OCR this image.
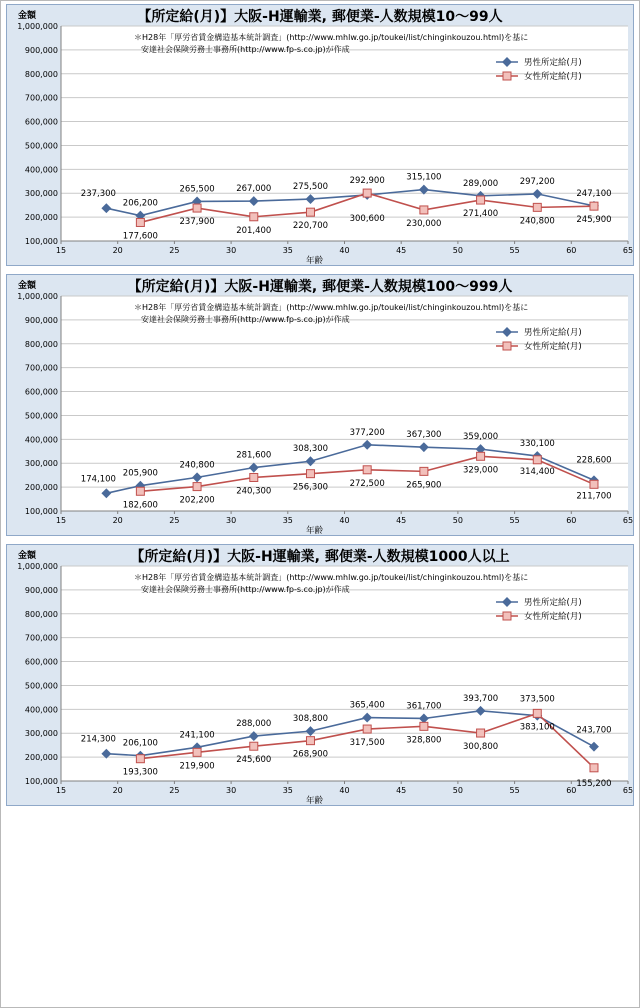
100,000
200,000
300,000
400,000
500,000
600,000
700,000
800,000
900,000
1,000,000
15	20	25	30	35	40	45	50	55	60	65
【所定給(月)】大阪-H運輸業, 郵便業-人数規模10～99人
金額
年齢
＊H28年「厚労省賃金構造基本統計調査」(http://www.mhlw.go.jp/toukei/list/chinginkouzou.html)を基に
安達社会保険労務士事務所(http://www.fp-s.co.jp)が作成
男性所定給(月)
女性所定給(月)
237,300
206,200
265,500	267,000	275,500
292,900	315,100
289,000	297,200
247,100
177,600
237,900
201,400	220,700
300,600	230,000
271,400
240,800	245,900
100,000
200,000
300,000
400,000
500,000
600,000
700,000
800,000
900,000
1,000,000
15	20	25	30	35	40	45	50	55	60	65
【所定給(月)】大阪-H運輸業, 郵便業-人数規模100～999人
金額
年齢
＊H28年「厚労省賃金構造基本統計調査」(http://www.mhlw.go.jp/toukei/list/chinginkouzou.html)を基に
安達社会保険労務士事務所(http://www.fp-s.co.jp)が作成
男性所定給(月)
女性所定給(月)
174,100
205,900
240,800
281,600
308,300
377,200	367,300	359,000
330,100
228,600
182,600	202,200
240,300	256,300	272,500	265,900
329,000	314,400
211,700
100,000
200,000
300,000
400,000
500,000
600,000
700,000
800,000
900,000
1,000,000
15	20	25	30	35	40	45	50	55	60	65
【所定給(月)】大阪-H運輸業, 郵便業-人数規模1000人以上
金額
年齢
＊H28年「厚労省賃金構造基本統計調査」(http://www.mhlw.go.jp/toukei/list/chinginkouzou.html)を基に
安達社会保険労務士事務所(http://www.fp-s.co.jp)が作成
男性所定給(月)
女性所定給(月)
214,300 206,100
241,100
288,000	308,800
365,400	361,700
393,700	373,500
243,700
193,300
219,900
245,600
268,900
317,500	328,800
300,800
383,100
155,200
